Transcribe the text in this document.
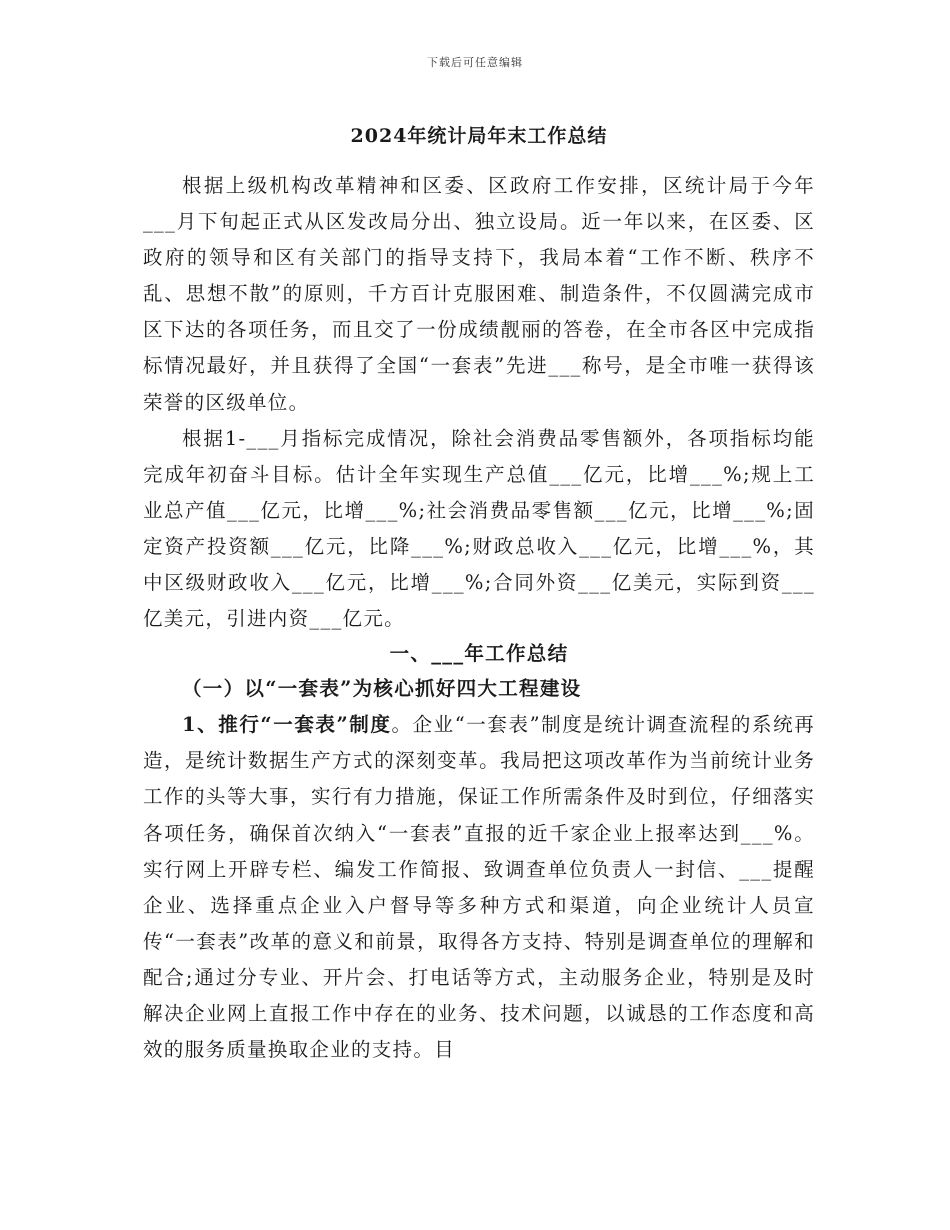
下载后可任意编辑
2024年统计局年末工作总结

根据上级机构改革精神和区委、区政府工作安排，区统计局于今年___月下旬起正式从区发改局分出、独立设局。近一年以来，在区委、区政府的领导和区有关部门的指导支持下，我局本着“工作不断、秩序不乱、思想不散”的原则，千方百计克服困难、制造条件，不仅圆满完成市区下达的各项任务，而且交了一份成绩靓丽的答卷，在全市各区中完成指标情况最好，并且获得了全国“一套表”先进___称号，是全市唯一获得该荣誉的区级单位。

根据1-___月指标完成情况，除社会消费品零售额外，各项指标均能完成年初奋斗目标。估计全年实现生产总值___亿元，比增___%;规上工业总产值___亿元，比增___%;社会消费品零售额___亿元，比增___%;固定资产投资额___亿元，比降___%;财政总收入___亿元，比增___%，其中区级财政收入___亿元，比增___%;合同外资___亿美元，实际到资___亿美元，引进内资___亿元。

一、___年工作总结

（一）以“一套表”为核心抓好四大工程建设

1、推行“一套表”制度。企业“一套表”制度是统计调查流程的系统再造，是统计数据生产方式的深刻变革。我局把这项改革作为当前统计业务工作的头等大事，实行有力措施，保证工作所需条件及时到位，仔细落实各项任务，确保首次纳入“一套表”直报的近千家企业上报率达到___%。实行网上开辟专栏、编发工作简报、致调查单位负责人一封信、___提醒企业、选择重点企业入户督导等多种方式和渠道，向企业统计人员宣传“一套表”改革的意义和前景，取得各方支持、特别是调查单位的理解和配合;通过分专业、开片会、打电话等方式，主动服务企业，特别是及时解决企业网上直报工作中存在的业务、技术问题，以诚恳的工作态度和高效的服务质量换取企业的支持。目
